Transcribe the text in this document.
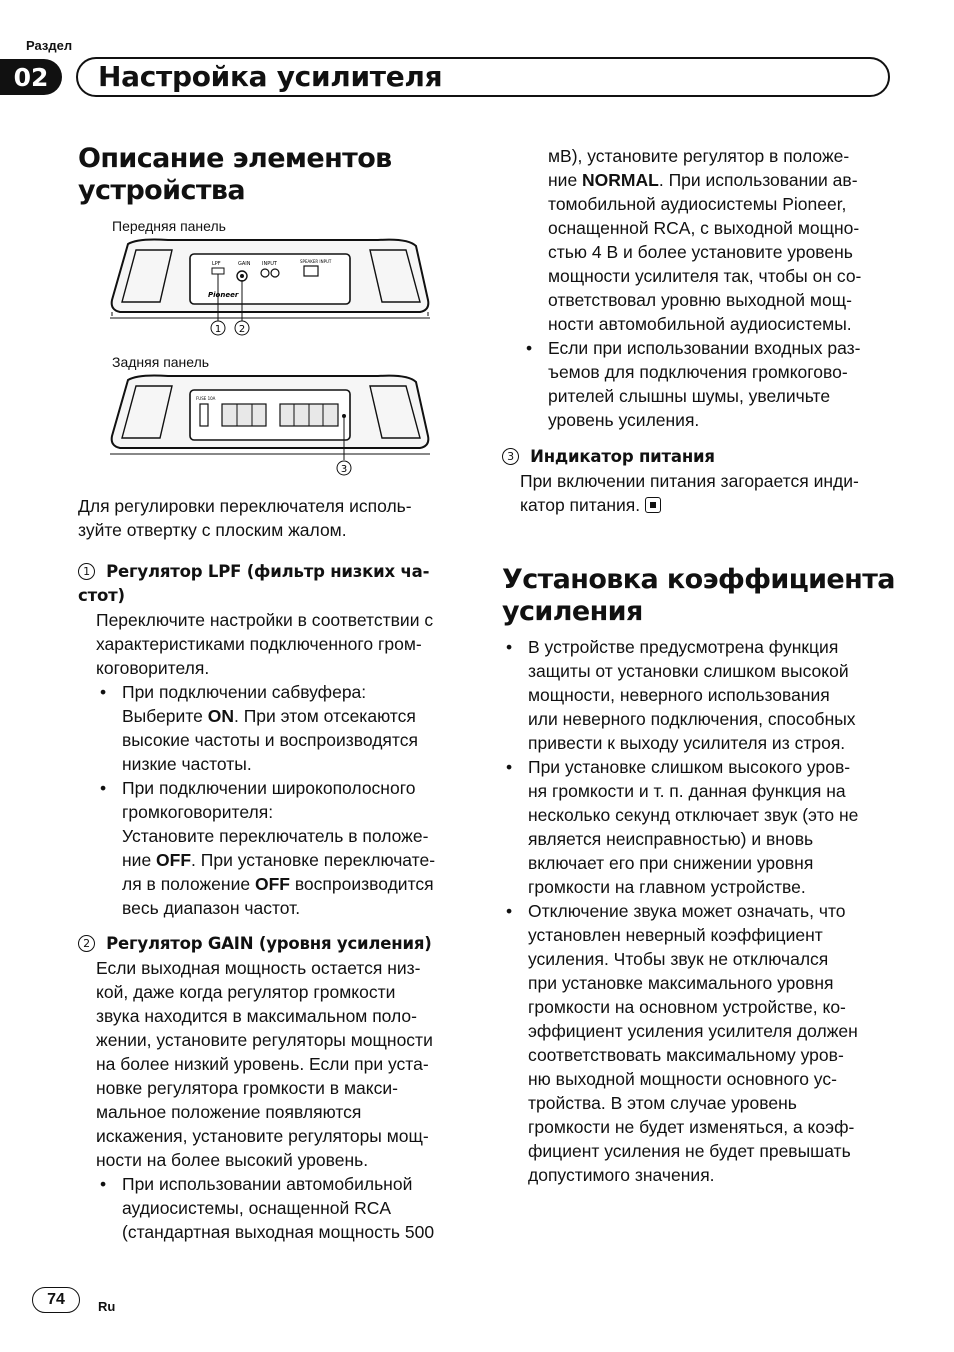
Раздел
02	Настройка усилителя

Описание элементов
устройства

Передняя панель
LPF	GAIN INPUT	SPEAKER INPUT
Pioneer
1 2
Задняя панель
FUSE 10A
3

Для регулировки переключателя исполь-
зуйте отвертку с плоским жалом.

1 Регулятор LPF (фильтр низких ча-
стот)

Переключите настройки в соответствии с
характеристиками подключенного гром-
коговорителя.

• При подключении сабвуфера:
Выберите ON. При этом отсекаются
высокие частоты и воспроизводятся
низкие частоты.

• При подключении широкополосного
громкоговорителя:
Установите переключатель в положе-
ние OFF. При установке переключате-
ля в положение OFF воспроизводится
весь диапазон частот.

2 Регулятор GAIN (уровня усиления)

Если выходная мощность остается низ-
кой, даже когда регулятор громкости
звука находится в максимальном поло-
жении, установите регуляторы мощности
на более низкий уровень. Если при уста-
новке регулятора громкости в макси-
мальное положение появляются
искажения, установите регуляторы мощ-
ности на более высокий уровень.

• При использовании автомобильной
аудиосистемы, оснащенной RCA
(стандартная выходная мощность 500

мВ), установите регулятор в положе-
ние NORMAL. При использовании ав-
томобильной аудиосистемы Pioneer,
оснащенной RCA, с выходной мощно-
стью 4 В и более установите уровень
мощности усилителя так, чтобы он со-
ответствовал уровню выходной мощ-
ности автомобильной аудиосистемы.

• Если при использовании входных раз-
ъемов для подключения громкогово-
рителей слышны шумы, увеличьте
уровень усиления.

3 Индикатор питания

При включении питания загорается инди-
катор питания.

Установка коэффициента
усиления

• В устройстве предусмотрена функция
защиты от установки слишком высокой
мощности, неверного использования
или неверного подключения, способных
привести к выходу усилителя из строя.

• При установке слишком высокого уров-
ня громкости и т. п. данная функция на
несколько секунд отключает звук (это не
является неисправностью) и вновь
включает его при снижении уровня
громкости на главном устройстве.

• Отключение звука может означать, что
установлен неверный коэффициент
усиления. Чтобы звук не отключался
при установке максимального уровня
громкости на основном устройстве, ко-
эффициент усиления усилителя должен
соответствовать максимальному уров-
ню выходной мощности основного ус-
тройства. В этом случае уровень
громкости не будет изменяться, а коэф-
фициент усиления не будет превышать
допустимого значения.

74	Ru
